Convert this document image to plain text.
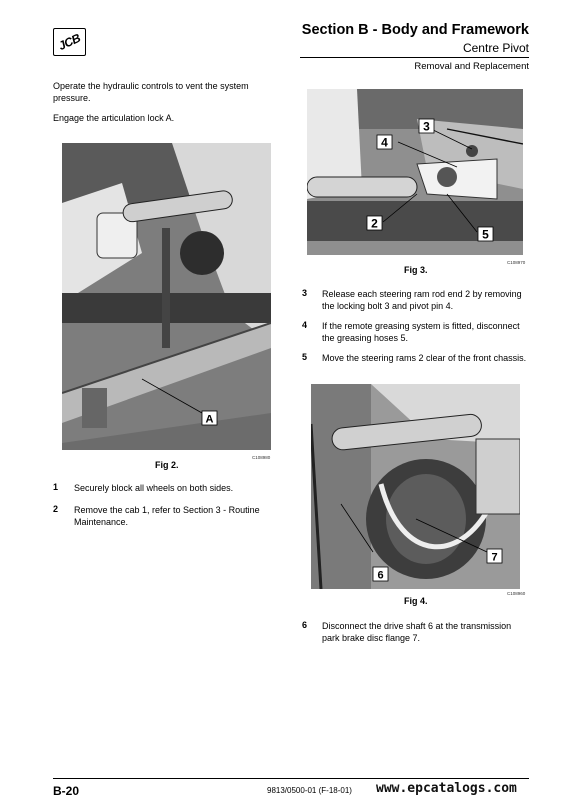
JCB
Section B - Body and Framework
Centre Pivot
Removal and Replacement
Operate the hydraulic controls to vent the system pressure.
Engage the articulation lock A.
A
Fig 2.
C108980
1	Securely block all wheels on both sides.
2	Remove the cab 1, refer to Section 3 - Routine Maintenance.
3
4
2
5
Fig 3.
C108970
3	Release each steering ram rod end 2 by removing the locking bolt 3 and pivot pin 4.
4	If the remote greasing system is fitted, disconnect the greasing hoses 5.
5	Move the steering rams 2 clear of the front chassis.
7
6
Fig 4.
C108960
6	Disconnect the drive shaft 6 at the transmission park brake disc flange 7.
B-20	9813/0500-01 (F-18-01) www.epcatalogs.com
